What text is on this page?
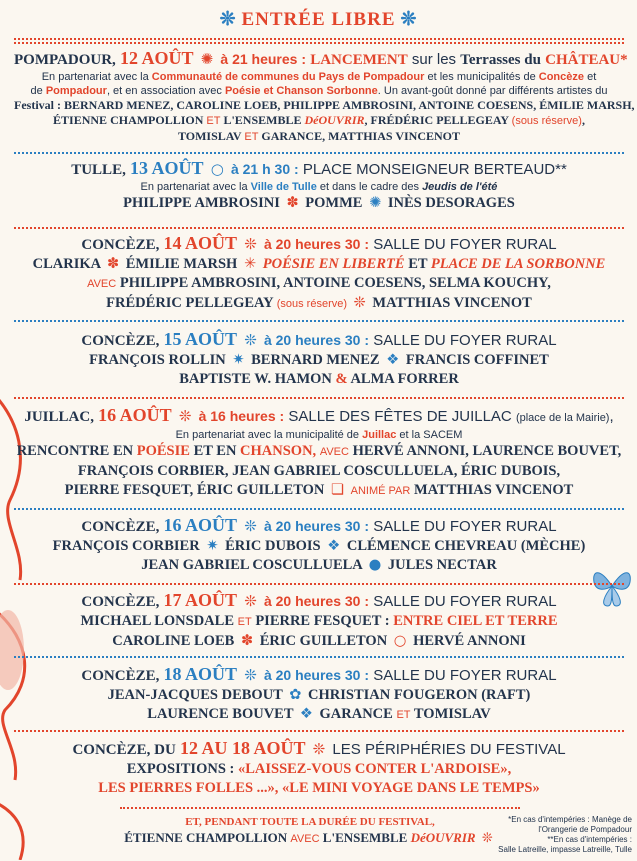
❊ ENTRÉE LIBRE ❊
POMPADOUR, 12 AOÛT ✺ à 21 heures : LANCEMENT sur les Terrasses du CHÂTEAU*
En partenariat avec la Communauté de communes du Pays de Pompadour et les municipalités de Concèze et
de Pompadour, et en association avec Poésie et Chanson Sorbonne. Un avant-goût donné par différents artistes du
Festival : BERNARD MENEZ, CAROLINE LOEB, PHILIPPE AMBROSINI, ANTOINE COESENS, ÉMILIE MARSH,
ÉTIENNE CHAMPOLLION ET L'ENSEMBLE DéOUVRIR, FRÉDÉRIC PELLEGEAY (sous réserve),
TOMISLAV ET GARANCE, MATTHIAS VINCENOT
TULLE, 13 AOÛT ○ à 21 h 30 : PLACE MONSEIGNEUR BERTEAUD**
En partenariat avec la Ville de Tulle et dans le cadre des Jeudis de l'été
PHILIPPE AMBROSINI ✽ POMME ✺ INÈS DESORAGES
CONCÈZE, 14 AOÛT ❊ à 20 heures 30 : SALLE DU FOYER RURAL
CLARIKA ✽ ÉMILIE MARSH ✳ POÉSIE EN LIBERTÉ ET PLACE DE LA SORBONNE
AVEC PHILIPPE AMBROSINI, ANTOINE COESENS, SELMA KOUCHY,
FRÉDÉRIC PELLEGEAY (sous réserve) ❊ MATTHIAS VINCENOT
CONCÈZE, 15 AOÛT ❊ à 20 heures 30 : SALLE DU FOYER RURAL
FRANÇOIS ROLLIN ✷ BERNARD MENEZ ❖ FRANCIS COFFINET
BAPTISTE W. HAMON & ALMA FORRER
JUILLAC, 16 AOÛT ❊ à 16 heures : SALLE DES FÊTES DE JUILLAC (place de la Mairie),
En partenariat avec la municipalité de Juillac et la SACEM
RENCONTRE EN POÉSIE ET EN CHANSON, AVEC HERVÉ ANNONI, LAURENCE BOUVET,
FRANÇOIS CORBIER, JEAN GABRIEL COSCULLUELA, ÉRIC DUBOIS,
PIERRE FESQUET, ÉRIC GUILLETON ❏ ANIMÉ PAR MATTHIAS VINCENOT
CONCÈZE, 16 AOÛT ❊ à 20 heures 30 : SALLE DU FOYER RURAL
FRANÇOIS CORBIER ✷ ÉRIC DUBOIS ❖ CLÉMENCE CHEVREAU (MÈCHE)
JEAN GABRIEL COSCULLUELA ● JULES NECTAR
CONCÈZE, 17 AOÛT ❊ à 20 heures 30 : SALLE DU FOYER RURAL
MICHAEL LONSDALE ET PIERRE FESQUET : ENTRE CIEL ET TERRE
CAROLINE LOEB ✽ ÉRIC GUILLETON ○ HERVÉ ANNONI
CONCÈZE, 18 AOÛT ❊ à 20 heures 30 : SALLE DU FOYER RURAL
JEAN-JACQUES DEBOUT ✿ CHRISTIAN FOUGERON (RAFT)
LAURENCE BOUVET ❖ GARANCE ET TOMISLAV
CONCÈZE, DU 12 AU 18 AOÛT ❊ LES PÉRIPHÉRIES DU FESTIVAL
EXPOSITIONS : «LAISSEZ-VOUS CONTER L'ARDOISE»,
LES PIERRES FOLLES ...», «LE MINI VOYAGE DANS LE TEMPS»
ET, PENDANT TOUTE LA DURÉE DU FESTIVAL,
ÉTIENNE CHAMPOLLION AVEC L'ENSEMBLE DéOUVRIR ❊
*En cas d'intempéries : Manège de
l'Orangerie de Pompadour
**En cas d'intempéries :
Salle Latreille, impasse Latreille, Tulle
